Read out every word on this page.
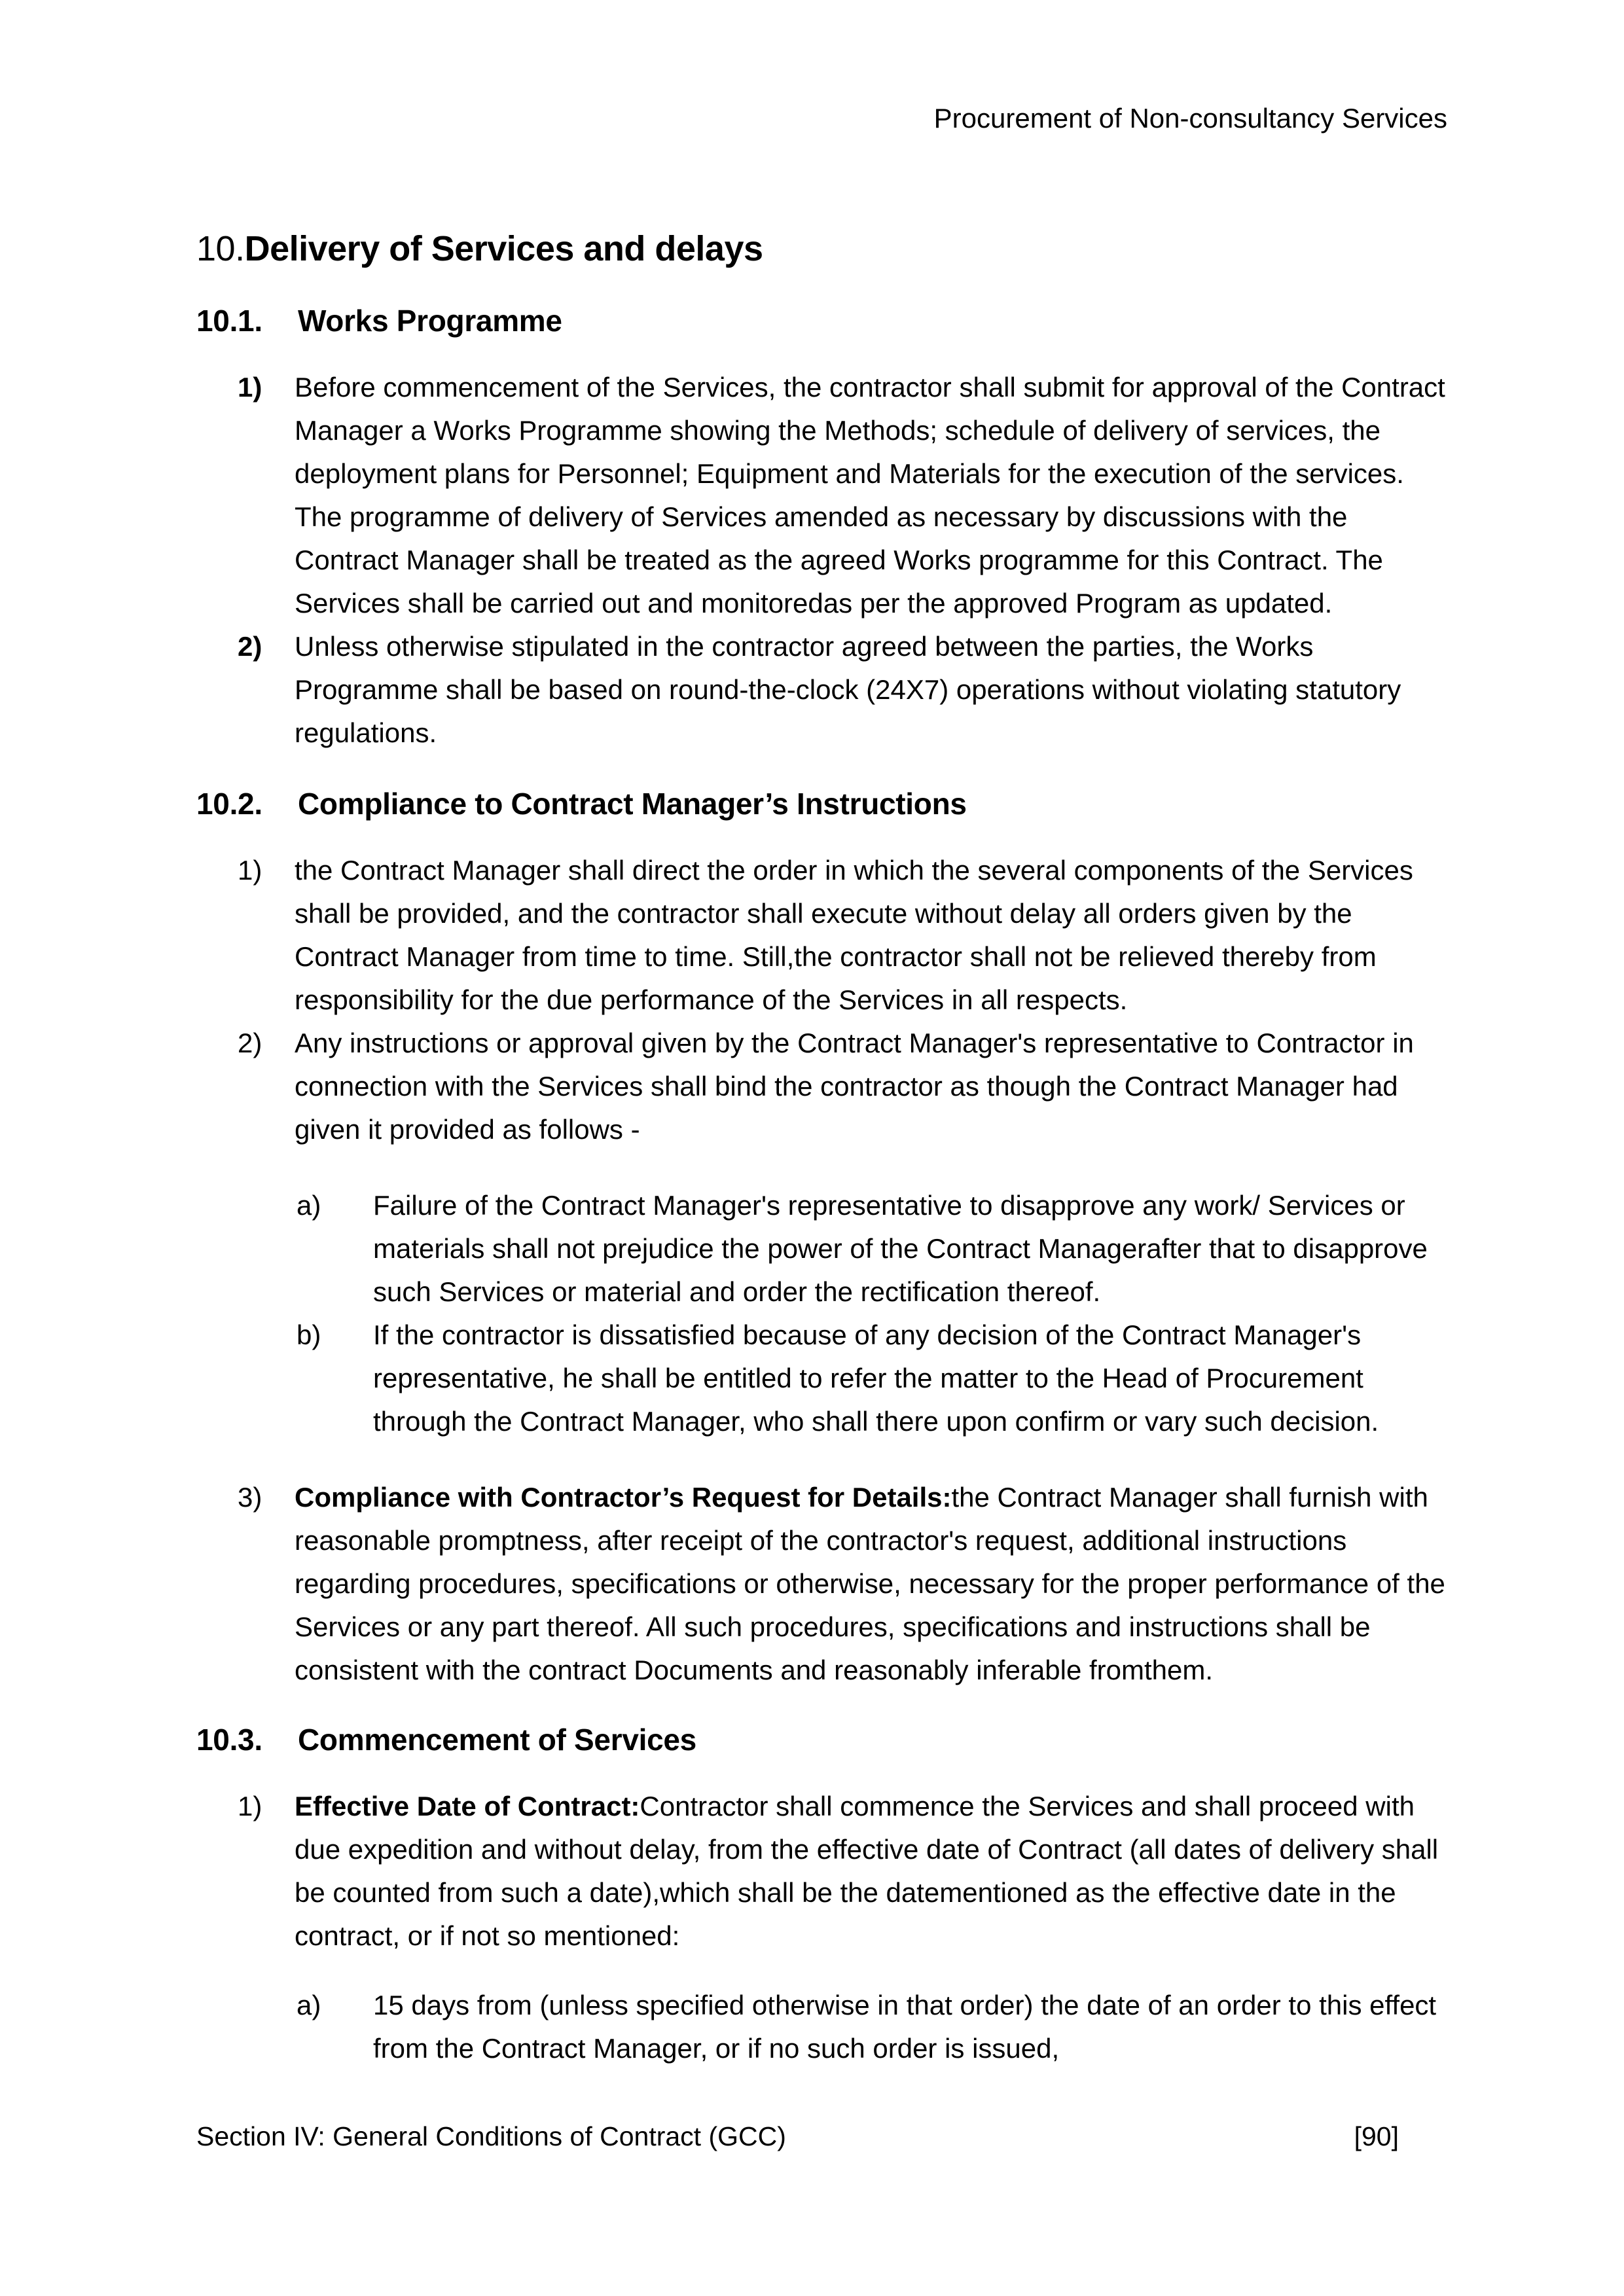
Procurement of Non-consultancy Services
10.Delivery of Services and delays
10.1.	Works Programme
1)	Before commencement of the Services, the contractor shall submit for approval of the Contract Manager a Works Programme showing the Methods; schedule of delivery of services, the deployment plans for Personnel; Equipment and Materials for the execution of the services. The programme of delivery of Services amended as necessary by discussions with the Contract Manager shall be treated as the agreed Works programme for this Contract. The Services shall be carried out and monitoredas per the approved Program as updated.

2)	Unless otherwise stipulated in the contractor agreed between the parties, the Works Programme shall be based on round-the-clock (24X7) operations without violating statutory regulations.

10.2.	Compliance to Contract Manager’s Instructions
1)	the Contract Manager shall direct the order in which the several components of the Services shall be provided, and the contractor shall execute without delay all orders given by the Contract Manager from time to time. Still,the contractor shall not be relieved thereby from responsibility for the due performance of the Services in all respects.

2)	Any instructions or approval given by the Contract Manager's representative to Contractor in connection with the Services shall bind the contractor as though the Contract Manager had given it provided as follows -

a)	Failure of the Contract Manager's representative to disapprove any work/ Services or materials shall not prejudice the power of the Contract Managerafter that to disapprove such Services or material and order the rectification thereof.

b)	If the contractor is dissatisfied because of any decision of the Contract Manager's representative, he shall be entitled to refer the matter to the Head of Procurement through the Contract Manager, who shall there upon confirm or vary such decision.

3)	Compliance with Contractor’s Request for Details:the Contract Manager shall furnish with reasonable promptness, after receipt of the contractor's request, additional instructions regarding procedures, specifications or otherwise, necessary for the proper performance of the Services or any part thereof. All such procedures, specifications and instructions shall be consistent with the contract Documents and reasonably inferable fromthem.

10.3.	Commencement of Services
1)	Effective Date of Contract:Contractor shall commence the Services and shall proceed with due expedition and without delay, from the effective date of Contract (all dates of delivery shall be counted from such a date),which shall be the datementioned as the effective date in the contract, or if not so mentioned:

a)	15 days from (unless specified otherwise in that order) the date of an order to this effect from the Contract Manager, or if no such order is issued,

Section IV: General Conditions of Contract (GCC)	[90]
